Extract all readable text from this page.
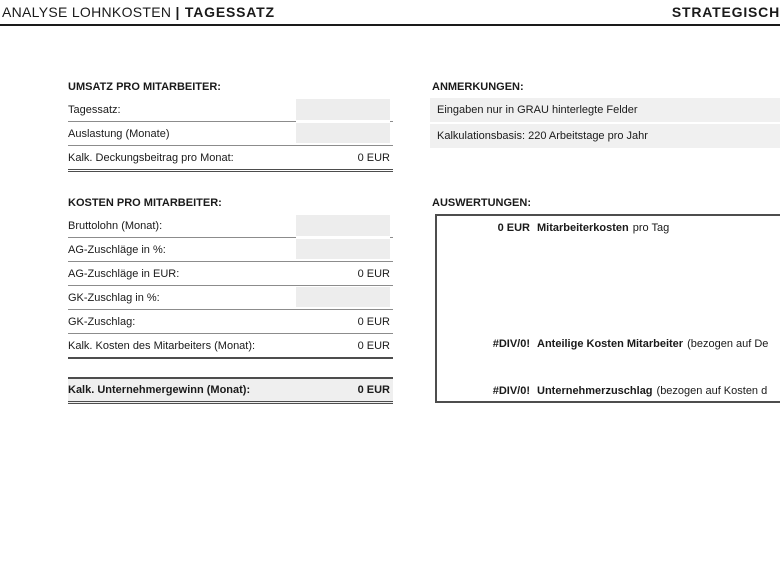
ANALYSE LOHNKOSTEN | TAGESSATZ	STRATEGISCH
UMSATZ PRO MITARBEITER:
Tagessatz:
Auslastung (Monate)
Kalk. Deckungsbeitrag pro Monat:	0 EUR
KOSTEN PRO MITARBEITER:
Bruttolohn (Monat):
AG-Zuschläge in %:
AG-Zuschläge in EUR:	0 EUR
GK-Zuschlag in %:
GK-Zuschlag:	0 EUR
Kalk. Kosten des Mitarbeiters (Monat):	0 EUR
Kalk. Unternehmergewinn (Monat):	0 EUR
ANMERKUNGEN:
Eingaben nur in GRAU hinterlegte Felder
Kalkulationsbasis: 220 Arbeitstage pro Jahr
AUSWERTUNGEN:
0 EUR Mitarbeiterkosten pro Tag
#DIV/0! Anteilige Kosten Mitarbeiter (bezogen auf De
#DIV/0! Unternehmerzuschlag (bezogen auf Kosten d
